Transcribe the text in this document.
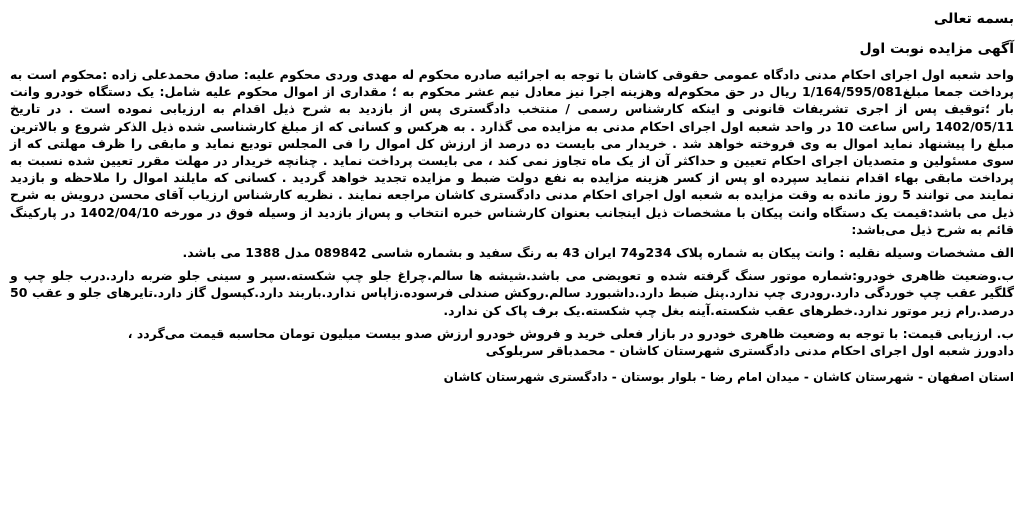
بسمه تعالی

آگهی مزایده نوبت اول

واحد شعبه اول اجرای احکام مدنی دادگاه عمومی حقوقی کاشان با توجه به اجرائیه صادره محکوم له مهدی وردی محکوم علیه: صادق محمدعلی زاده :محکوم است به پرداخت جمعا مبلغ1/164/595/081 ریال در حق محکوم‌له وهزینه اجرا نیز معادل نیم عشر محکوم به ؛ مقداری از اموال محکوم علیه شامل: یک دستگاه خودرو وانت بار ؛توقیف پس از اجری تشریفات قانونی و اینکه کارشناس رسمی / منتخب دادگستری پس از بازدید به شرح ذیل اقدام به ارزیابی نموده است . در تاریخ 1402/05/11 راس ساعت 10 در واحد شعبه اول اجرای احکام مدنی به مزایده می گذارد . به هرکس و کسانی که از مبلغ کارشناسی شده ذیل الذکر شروع و بالاترین مبلغ را پیشنهاد نماید اموال به وی فروخته خواهد شد . خریدار می بایست ده درصد از ارزش کل اموال را فی المجلس تودیع نماید و مابقی را ظرف مهلتی که از سوی مسئولین و متصدیان اجرای احکام تعیین و حداکثر آن از یک ماه تجاوز نمی کند ، می بایست پرداخت نماید . چنانچه خریدار در مهلت مقرر تعیین شده نسبت به پرداخت مابقی بهاء اقدام ننماید سپرده او پس از کسر هزینه مزایده به نفع دولت ضبط و مزایده تجدید خواهد گردید . کسانی که مایلند اموال را ملاحظه و بازدید نمایند می توانند 5 روز مانده به وقت مزایده به شعبه اول اجرای احکام مدنی دادگستری کاشان مراجعه نمایند . نظریه کارشناس ارزیاب آقای محسن درویش به شرح ذیل می باشد:قیمت یک دستگاه وانت پیکان با مشخصات ذیل اینجانب بعنوان کارشناس خبره انتخاب و پس‌از بازدید از وسیله فوق در مورخه 1402/04/10 در پارکینگ قائم به شرح ذیل می‌باشد:

الف مشخصات وسیله نقلیه : وانت پیکان به شماره پلاک 234و74 ایران 43 به رنگ سفید و بشماره شاسی 089842 مدل 1388 می باشد.

ب.وضعیت ظاهری خودرو:شماره موتور سنگ گرفته شده و تعویضی می باشد.شیشه ها سالم.چراغ جلو چپ شکسته.سپر و سینی جلو ضربه دارد.درب جلو چپ و گلگیر عقب چپ خوردگی دارد.رودری چپ ندارد.پنل ضبط دارد.داشبورد سالم.روکش صندلی فرسوده.زاپاس ندارد.باربند دارد.کپسول گاز دارد.تایرهای جلو و عقب 50 درصد.رام زیر موتور ندارد.خطرهای عقب شکسته.آینه بغل چپ شکسته.یک برف پاک کن ندارد.

ب. ارزیابی قیمت: با توجه به وضعیت ظاهری خودرو در بازار فعلی خرید و فروش خودرو ارزش صدو بیست میلیون تومان محاسبه قیمت می‌گردد ،

دادورز شعبه اول اجرای احکام مدنی دادگستری شهرستان کاشان - محمدباقر سربلوکی

استان اصفهان - شهرستان کاشان - میدان امام رضا - بلوار بوستان - دادگستری شهرستان کاشان
